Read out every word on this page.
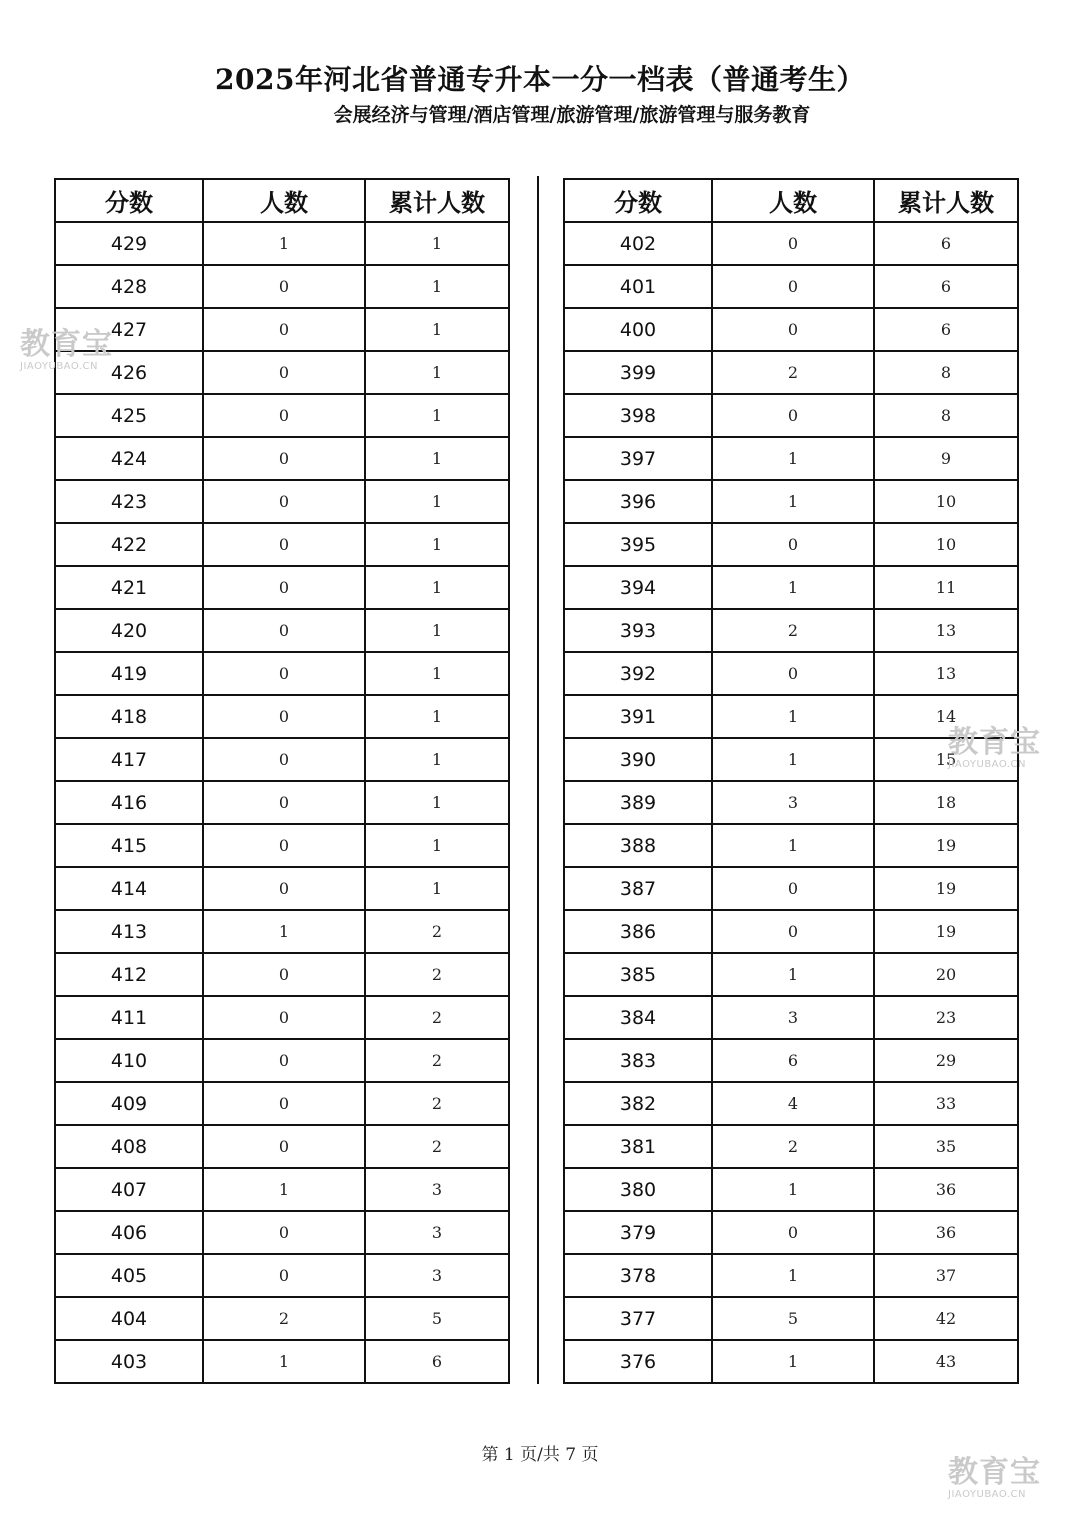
2025年河北省普通专升本一分一档表（普通考生）
会展经济与管理/酒店管理/旅游管理/旅游管理与服务教育
分数	人数	累计人数
429	1	1
428	0	1
427	0	1
426	0	1
425	0	1
424	0	1
423	0	1
422	0	1
421	0	1
420	0	1
419	0	1
418	0	1
417	0	1
416	0	1
415	0	1
414	0	1
413	1	2
412	0	2
411	0	2
410	0	2
409	0	2
408	0	2
407	1	3
406	0	3
405	0	3
404	2	5
403	1	6
分数	人数	累计人数
402	0	6
401	0	6
400	0	6
399	2	8
398	0	8
397	1	9
396	1	10
395	0	10
394	1	11
393	2	13
392	0	13
391	1	14
390	1	15
389	3	18
388	1	19
387	0	19
386	0	19
385	1	20
384	3	23
383	6	29
382	4	33
381	2	35
380	1	36
379	0	36
378	1	37
377	5	42
376	1	43
第 1 页/共 7 页
教育宝
JIAOYUBAO.CN
教育宝
JIAOYUBAO.CN
教育宝
JIAOYUBAO.CN
